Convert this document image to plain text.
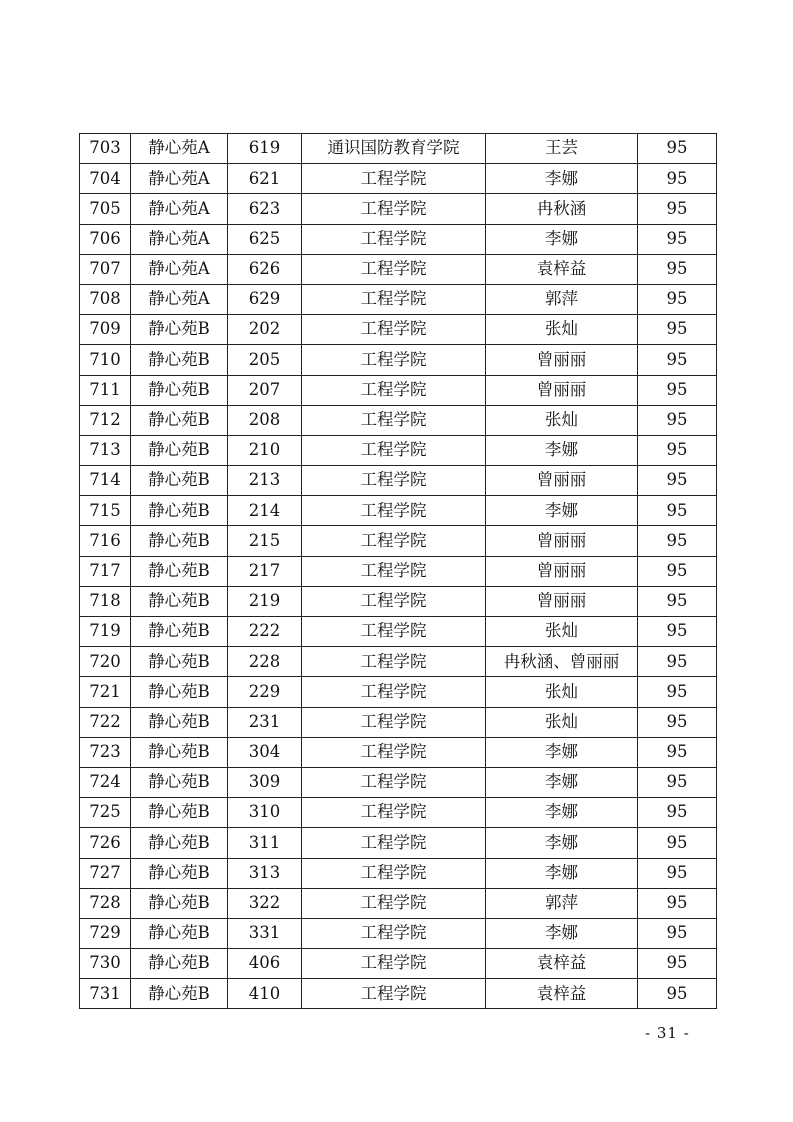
703	静心苑A	619	通识国防教育学院	王芸	95
704	静心苑A	621	工程学院	李娜	95
705	静心苑A	623	工程学院	冉秋涵	95
706	静心苑A	625	工程学院	李娜	95
707	静心苑A	626	工程学院	袁梓益	95
708	静心苑A	629	工程学院	郭萍	95
709	静心苑B	202	工程学院	张灿	95
710	静心苑B	205	工程学院	曾丽丽	95
711	静心苑B	207	工程学院	曾丽丽	95
712	静心苑B	208	工程学院	张灿	95
713	静心苑B	210	工程学院	李娜	95
714	静心苑B	213	工程学院	曾丽丽	95
715	静心苑B	214	工程学院	李娜	95
716	静心苑B	215	工程学院	曾丽丽	95
717	静心苑B	217	工程学院	曾丽丽	95
718	静心苑B	219	工程学院	曾丽丽	95
719	静心苑B	222	工程学院	张灿	95
720	静心苑B	228	工程学院	冉秋涵、曾丽丽	95
721	静心苑B	229	工程学院	张灿	95
722	静心苑B	231	工程学院	张灿	95
723	静心苑B	304	工程学院	李娜	95
724	静心苑B	309	工程学院	李娜	95
725	静心苑B	310	工程学院	李娜	95
726	静心苑B	311	工程学院	李娜	95
727	静心苑B	313	工程学院	李娜	95
728	静心苑B	322	工程学院	郭萍	95
729	静心苑B	331	工程学院	李娜	95
730	静心苑B	406	工程学院	袁梓益	95
731	静心苑B	410	工程学院	袁梓益	95
- 31 -
